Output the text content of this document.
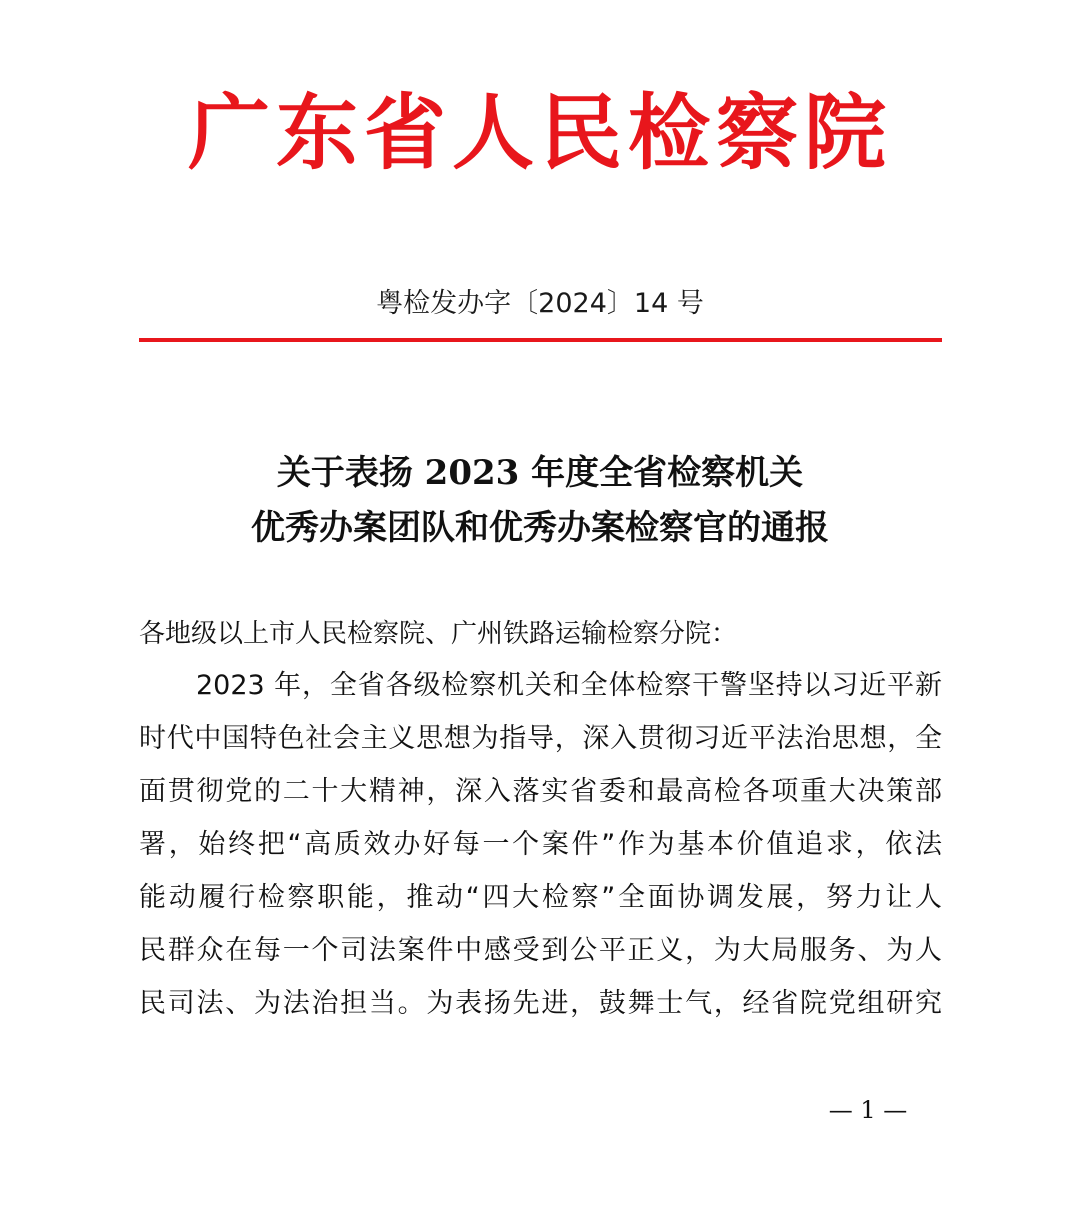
广东省人民检察院
粤检发办字〔2024〕14 号
关于表扬 2023 年度全省检察机关
优秀办案团队和优秀办案检察官的通报
各地级以上市人民检察院、广州铁路运输检察分院：
2023 年，全省各级检察机关和全体检察干警坚持以习近平新
时代中国特色社会主义思想为指导，深入贯彻习近平法治思想，全
面贯彻党的二十大精神，深入落实省委和最高检各项重大决策部
署，始终把“高质效办好每一个案件”作为基本价值追求，依法
能动履行检察职能，推动“四大检察”全面协调发展，努力让人
民群众在每一个司法案件中感受到公平正义，为大局服务、为人
民司法、为法治担当。为表扬先进，鼓舞士气，经省院党组研究
— 1 —
